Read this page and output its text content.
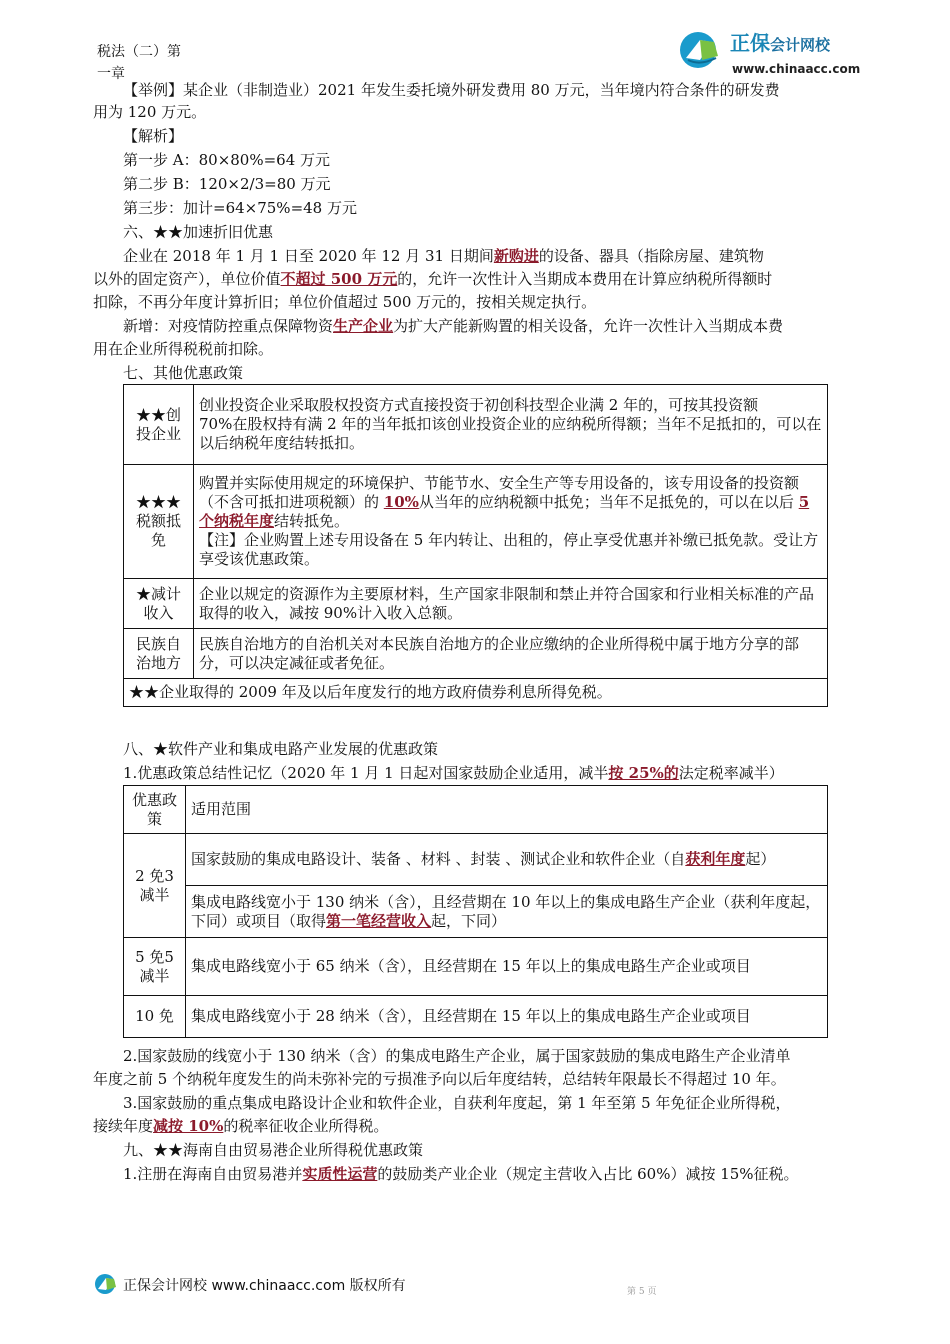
正保会计网校
www.chinaacc.com
税法（二）第一章

【举例】某企业（非制造业）2021 年发生委托境外研发费用 80 万元，当年境内符合条件的研发费

用为 120 万元。

【解析】

第一步 A：80×80%=64 万元

第二步 B：120×2/3=80 万元

第三步：加计=64×75%=48 万元

六、★★加速折旧优惠

企业在 2018 年 1 月 1 日至 2020 年 12 月 31 日期间新购进的设备、器具（指除房屋、建筑物

以外的固定资产），单位价值不超过 500 万元的，允许一次性计入当期成本费用在计算应纳税所得额时

扣除，不再分年度计算折旧；单位价值超过 500 万元的，按相关规定执行。

新增：对疫情防控重点保障物资生产企业为扩大产能新购置的相关设备，允许一次性计入当期成本费

用在企业所得税税前扣除。

七、其他优惠政策

★★创投企业	创业投资企业采取股权投资方式直接投资于初创科技型企业满 2 年的，可按其投资额
70%在股权持有满 2 年的当年抵扣该创业投资企业的应纳税所得额；当年不足抵扣的，可以在以后纳税年度结转抵扣。

★★★税额抵免	购置并实际使用规定的环境保护、节能节水、安全生产等专用设备的，该专用设备的投资额（不含可抵扣进项税额）的 10%从当年的应纳税额中抵免；当年不足抵免的，可以在以后 5 个纳税年度结转抵免。
【注】企业购置上述专用设备在 5 年内转让、出租的，停止享受优惠并补缴已抵免款。受让方享受该优惠政策。

★减计收入	企业以规定的资源作为主要原材料，生产国家非限制和禁止并符合国家和行业相关标准的产品取得的收入，减按 90%计入收入总额。
民族自治地方	民族自治地方的自治机关对本民族自治地方的企业应缴纳的企业所得税中属于地方分享的部分，可以决定减征或者免征。
★★企业取得的 2009 年及以后年度发行的地方政府债券利息所得免税。	

八、★软件产业和集成电路产业发展的优惠政策

1.优惠政策总结性记忆（2020 年 1 月 1 日起对国家鼓励企业适用，减半按 25%的法定税率减半）

优惠政策	适用范围
2 免3 减半	国家鼓励的集成电路设计、装备 、材料 、封装 、测试企业和软件企业（自获利年度起）
	集成电路线宽小于 130 纳米（含），且经营期在 10 年以上的集成电路生产企业（获利年度起，下同）或项目（取得第一笔经营收入起，下同）
5 免5 减半	集成电路线宽小于 65 纳米（含），且经营期在 15 年以上的集成电路生产企业或项目
10 免	集成电路线宽小于 28 纳米（含），且经营期在 15 年以上的集成电路生产企业或项目

2.国家鼓励的线宽小于 130 纳米（含）的集成电路生产企业，属于国家鼓励的集成电路生产企业清单

年度之前 5 个纳税年度发生的尚未弥补完的亏损准予向以后年度结转，总结转年限最长不得超过 10 年。

3.国家鼓励的重点集成电路设计企业和软件企业，自获利年度起，第 1 年至第 5 年免征企业所得税，

接续年度减按 10%的税率征收企业所得税。

九、★★海南自由贸易港企业所得税优惠政策

1.注册在海南自由贸易港并实质性运营的鼓励类产业企业（规定主营收入占比 60%）减按 15%征税。

正保会计网校 www.chinaacc.com 版权所有	第 5 页
